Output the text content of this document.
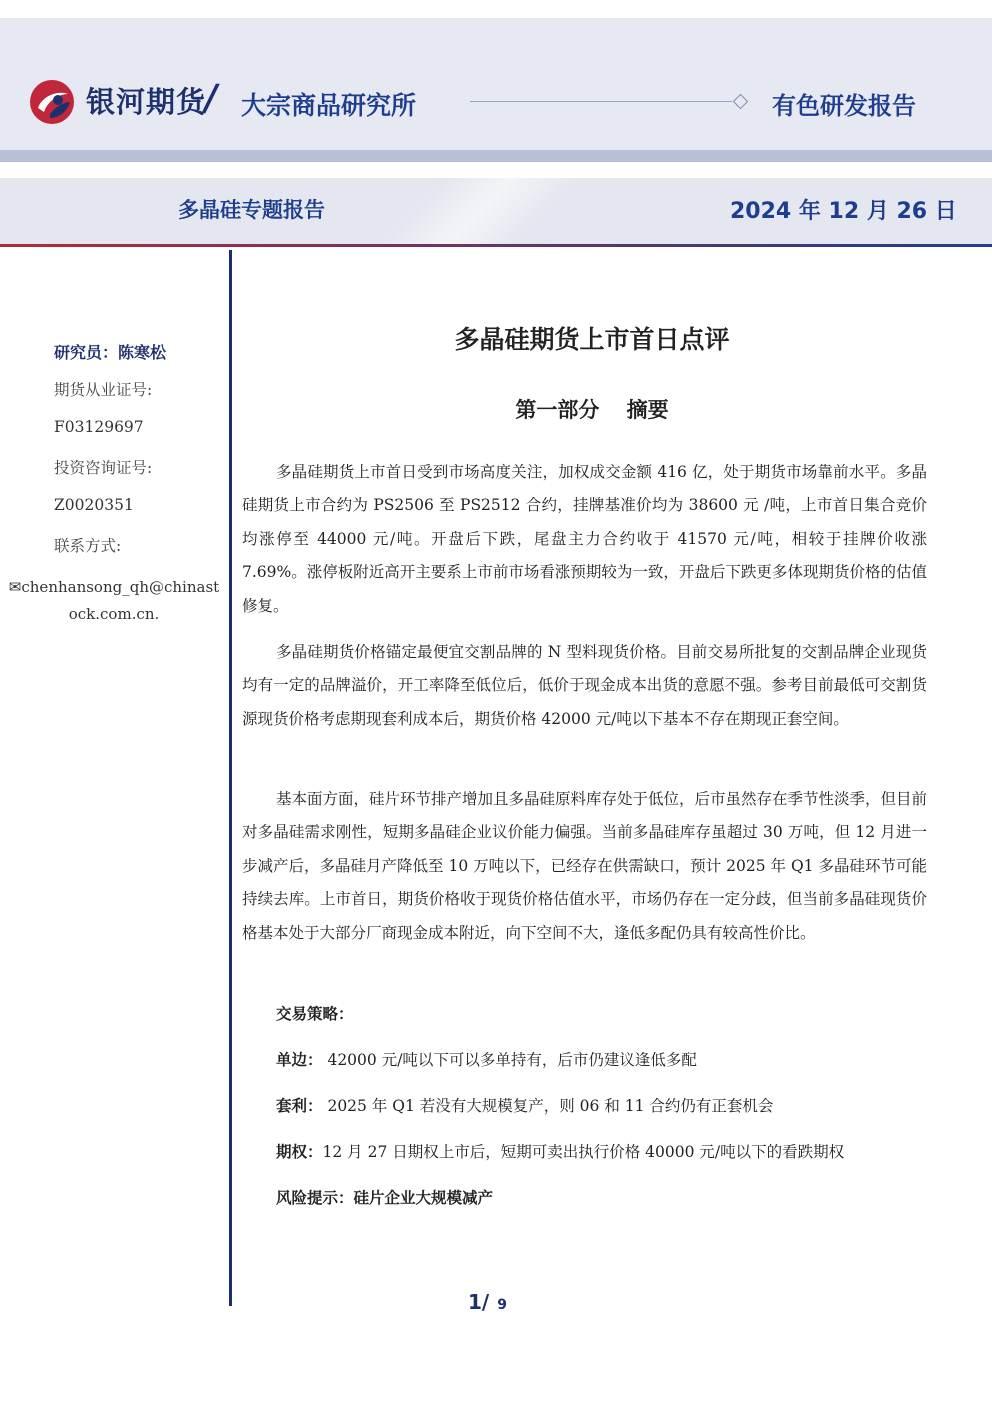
银河期货
/ 大宗商品研究所	有色研发报告
多晶硅专题报告	2024 年 12 月 26 日
研究员：陈寒松
期货从业证号:
F03129697
投资咨询证号:
Z0020351
联系方式:
✉chenhansong_qh@chinastock.com.cn.
多晶硅期货上市首日点评
第一部分 摘要

多晶硅期货上市首日受到市场高度关注，加权成交金额 416 亿，处于期货市场靠前水平。多晶硅期货上市合约为 PS2506 至 PS2512 合约，挂牌基准价均为 38600 元 /吨，上市首日集合竞价均涨停至 44000 元/吨。开盘后下跌，尾盘主力合约收于 41570 元/吨，相较于挂牌价收涨 7.69%。涨停板附近高开主要系上市前市场看涨预期较为一致，开盘后下跌更多体现期货价格的估值修复。

多晶硅期货价格锚定最便宜交割品牌的 N 型料现货价格。目前交易所批复的交割品牌企业现货均有一定的品牌溢价，开工率降至低位后，低价于现金成本出货的意愿不强。参考目前最低可交割货源现货价格考虑期现套利成本后，期货价格 42000 元/吨以下基本不存在期现正套空间。

基本面方面，硅片环节排产增加且多晶硅原料库存处于低位，后市虽然存在季节性淡季，但目前对多晶硅需求刚性，短期多晶硅企业议价能力偏强。当前多晶硅库存虽超过 30 万吨，但 12 月进一步减产后，多晶硅月产降低至 10 万吨以下，已经存在供需缺口，预计 2025 年 Q1 多晶硅环节可能持续去库。上市首日，期货价格收于现货价格估值水平，市场仍存在一定分歧，但当前多晶硅现货价格基本处于大部分厂商现金成本附近，向下空间不大，逢低多配仍具有较高性价比。

交易策略：
单边： 42000 元/吨以下可以多单持有，后市仍建议逢低多配
套利： 2025 年 Q1 若没有大规模复产，则 06 和 11 合约仍有正套机会
期权：12 月 27 日期权上市后，短期可卖出执行价格 40000 元/吨以下的看跌期权
风险提示：硅片企业大规模减产
1/ 9
